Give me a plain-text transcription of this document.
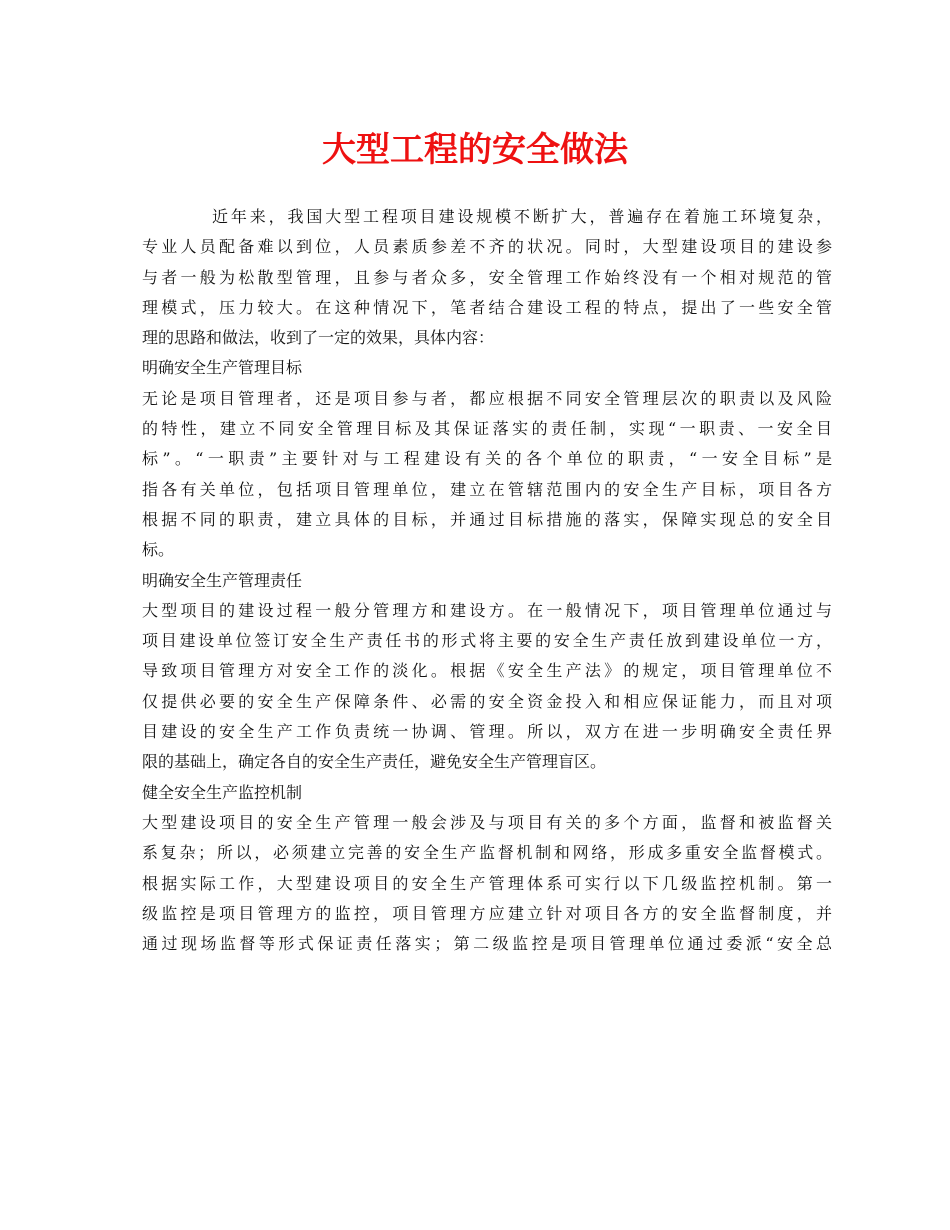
大型工程的安全做法
近年来，我国大型工程项目建设规模不断扩大，普遍存在着施工环境复杂，
专业人员配备难以到位，人员素质参差不齐的状况。同时，大型建设项目的建设参
与者一般为松散型管理，且参与者众多，安全管理工作始终没有一个相对规范的管
理模式，压力较大。在这种情况下，笔者结合建设工程的特点，提出了一些安全管
理的思路和做法，收到了一定的效果，具体内容：
明确安全生产管理目标
无论是项目管理者，还是项目参与者，都应根据不同安全管理层次的职责以及风险
的特性，建立不同安全管理目标及其保证落实的责任制，实现“一职责、一安全目
标”。“一职责”主要针对与工程建设有关的各个单位的职责，“一安全目标”是
指各有关单位，包括项目管理单位，建立在管辖范围内的安全生产目标，项目各方
根据不同的职责，建立具体的目标，并通过目标措施的落实，保障实现总的安全目
标。
明确安全生产管理责任
大型项目的建设过程一般分管理方和建设方。在一般情况下，项目管理单位通过与
项目建设单位签订安全生产责任书的形式将主要的安全生产责任放到建设单位一方，
导致项目管理方对安全工作的淡化。根据《安全生产法》的规定，项目管理单位不
仅提供必要的安全生产保障条件、必需的安全资金投入和相应保证能力，而且对项
目建设的安全生产工作负责统一协调、管理。所以，双方在进一步明确安全责任界
限的基础上，确定各自的安全生产责任，避免安全生产管理盲区。
健全安全生产监控机制
大型建设项目的安全生产管理一般会涉及与项目有关的多个方面，监督和被监督关
系复杂；所以，必须建立完善的安全生产监督机制和网络，形成多重安全监督模式。
根据实际工作，大型建设项目的安全生产管理体系可实行以下几级监控机制。第一
级监控是项目管理方的监控，项目管理方应建立针对项目各方的安全监督制度，并
通过现场监督等形式保证责任落实；第二级监控是项目管理单位通过委派“安全总
